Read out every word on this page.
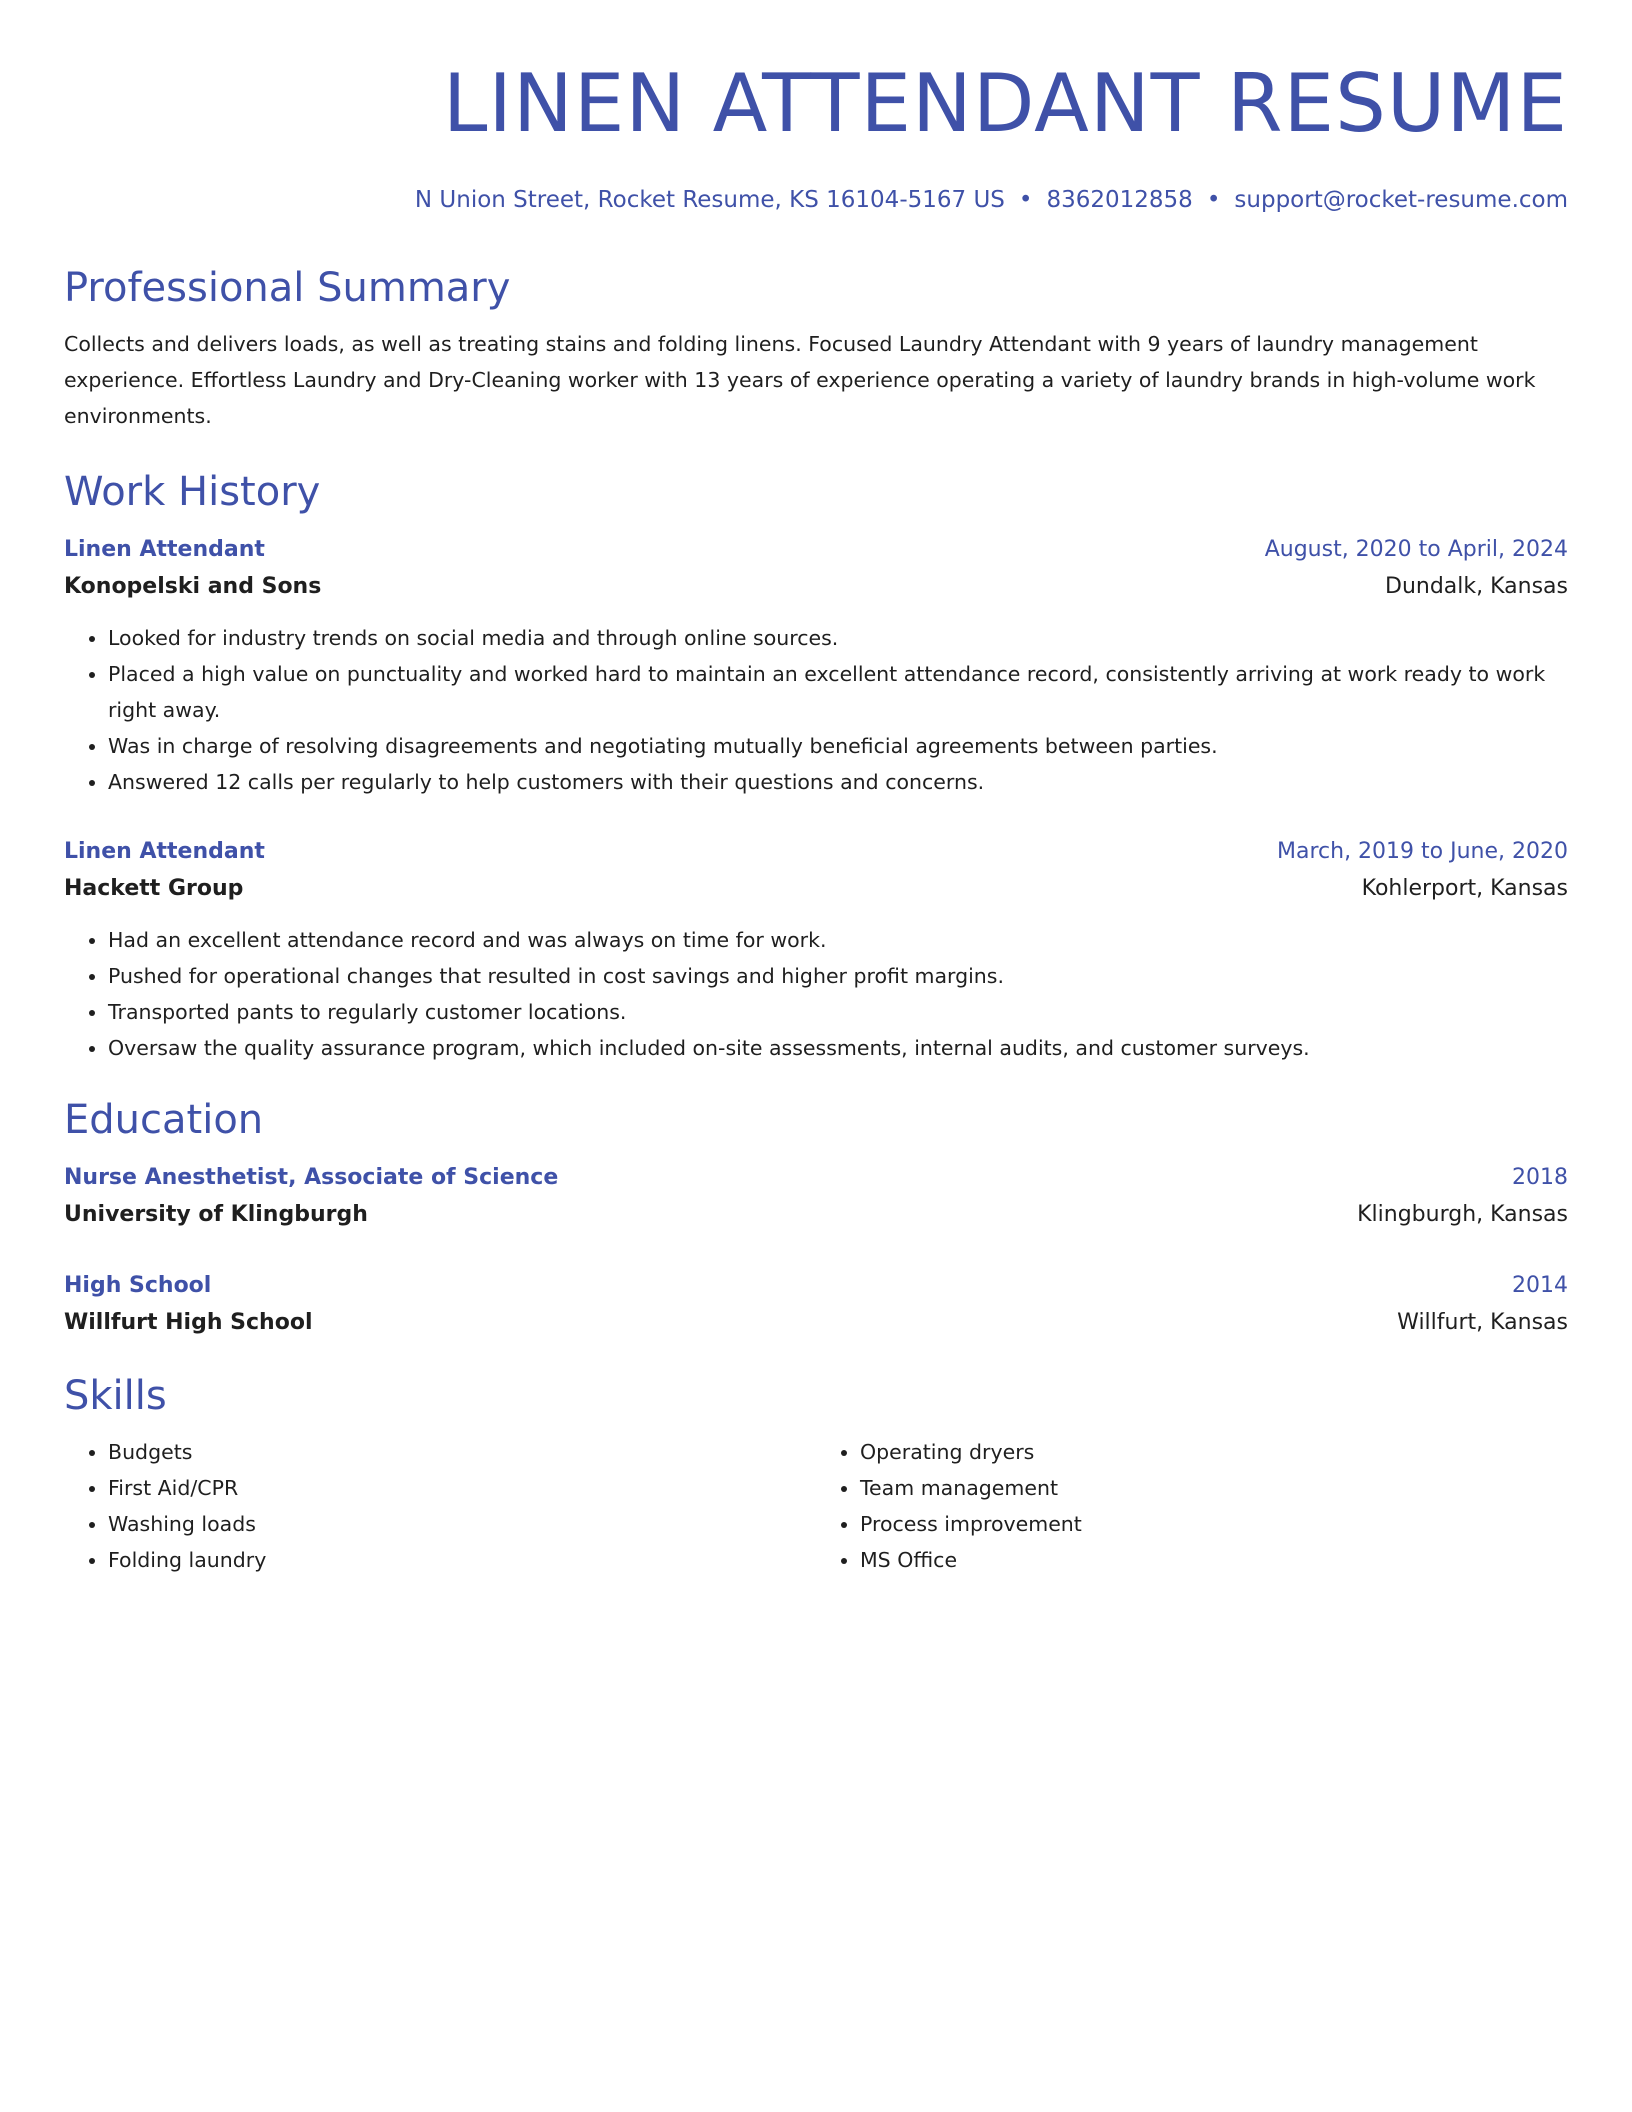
LINEN ATTENDANT RESUME
N Union Street, Rocket Resume, KS 16104-5167 US • 8362012858 • support@rocket-resume.com
Professional Summary
Collects and delivers loads, as well as treating stains and folding linens. Focused Laundry Attendant with 9 years of laundry management experience. Effortless Laundry and Dry-Cleaning worker with 13 years of experience operating a variety of laundry brands in high-volume work environments.
Work History
Linen Attendant	August, 2020 to April, 2024
Konopelski and Sons	Dundalk, Kansas
• Looked for industry trends on social media and through online sources.
• Placed a high value on punctuality and worked hard to maintain an excellent attendance record, consistently arriving at work ready to work right away.
• Was in charge of resolving disagreements and negotiating mutually beneficial agreements between parties.
• Answered 12 calls per regularly to help customers with their questions and concerns.
Linen Attendant	March, 2019 to June, 2020
Hackett Group	Kohlerport, Kansas
• Had an excellent attendance record and was always on time for work.
• Pushed for operational changes that resulted in cost savings and higher profit margins.
• Transported pants to regularly customer locations.
• Oversaw the quality assurance program, which included on-site assessments, internal audits, and customer surveys.
Education
Nurse Anesthetist, Associate of Science	2018
University of Klingburgh	Klingburgh, Kansas
High School	2014
Willfurt High School	Willfurt, Kansas
Skills
• Budgets
• First Aid/CPR
• Washing loads
• Folding laundry
• Operating dryers
• Team management
• Process improvement
• MS Office
